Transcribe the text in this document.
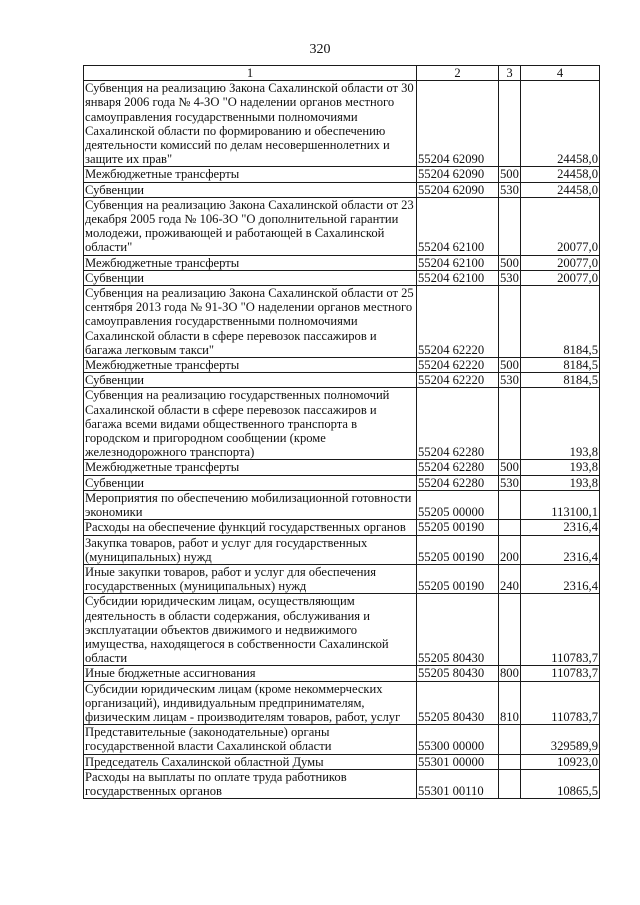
320
1	2	3	4
Субвенция на реализацию Закона Сахалинской области от 30 января 2006 года № 4-ЗО "О наделении органов местного самоуправления государственными полномочиями Сахалинской области по формированию и обеспечению деятельности комиссий по делам несовершеннолетних и защите их прав"	55204 62090		24458,0
Межбюджетные трансферты	55204 62090	500	24458,0
Субвенции	55204 62090	530	24458,0
Субвенция на реализацию Закона Сахалинской области от 23 декабря 2005 года № 106-ЗО "О дополнительной гарантии молодежи, проживающей и работающей в Сахалинской области"	55204 62100		20077,0
Межбюджетные трансферты	55204 62100	500	20077,0
Субвенции	55204 62100	530	20077,0
Субвенция на реализацию Закона Сахалинской области от 25 сентября 2013 года № 91-ЗО "О наделении органов местного самоуправления государственными полномочиями Сахалинской области в сфере перевозок пассажиров и багажа легковым такси"	55204 62220		8184,5
Межбюджетные трансферты	55204 62220	500	8184,5
Субвенции	55204 62220	530	8184,5
Субвенция на реализацию государственных полномочий Сахалинской области в сфере перевозок пассажиров и багажа всеми видами общественного транспорта в городском и пригородном сообщении (кроме железнодорожного транспорта)	55204 62280		193,8
Межбюджетные трансферты	55204 62280	500	193,8
Субвенции	55204 62280	530	193,8
Мероприятия по обеспечению мобилизационной готовности экономики	55205 00000		113100,1
Расходы на обеспечение функций государственных органов	55205 00190		2316,4
Закупка товаров, работ и услуг для государственных (муниципальных) нужд	55205 00190	200	2316,4
Иные закупки товаров, работ и услуг для обеспечения государственных (муниципальных) нужд	55205 00190	240	2316,4
Субсидии юридическим лицам, осуществляющим деятельность в области содержания, обслуживания и эксплуатации объектов движимого и недвижимого имущества, находящегося в собственности Сахалинской области	55205 80430		110783,7
Иные бюджетные ассигнования	55205 80430	800	110783,7
Субсидии юридическим лицам (кроме некоммерческих организаций), индивидуальным предпринимателям, физическим лицам - производителям товаров, работ, услуг	55205 80430	810	110783,7
Представительные (законодательные) органы государственной власти Сахалинской области	55300 00000		329589,9
Председатель Сахалинской областной Думы	55301 00000		10923,0
Расходы на выплаты по оплате труда работников государственных органов	55301 00110		10865,5
